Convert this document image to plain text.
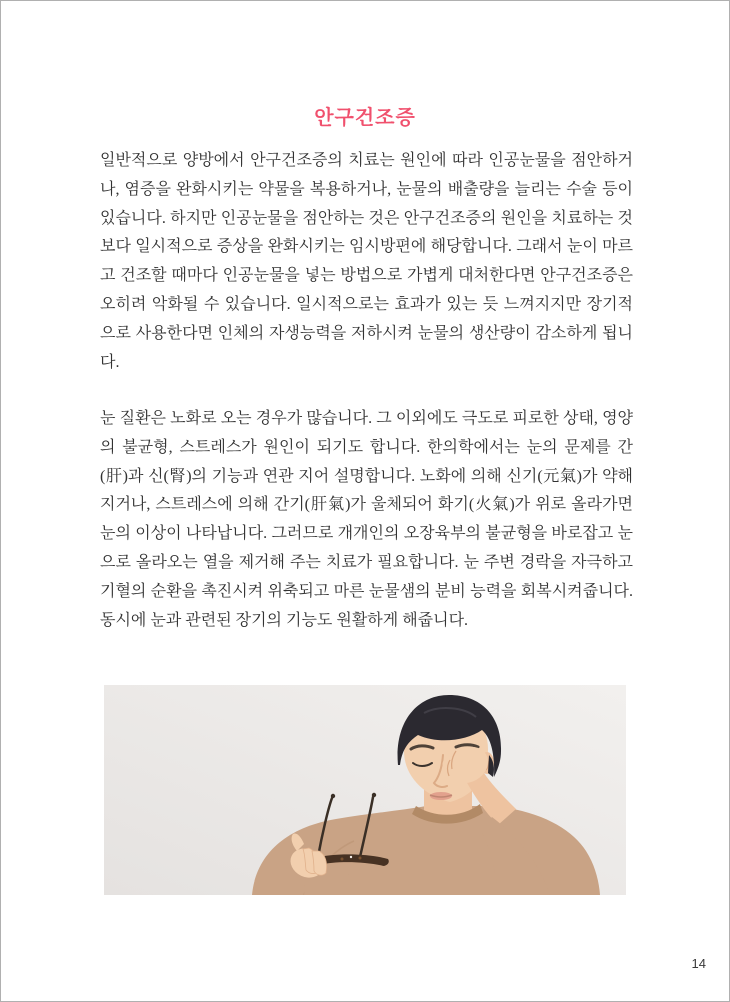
안구건조증

일반적으로 양방에서 안구건조증의 치료는 원인에 따라 인공눈물을 점안하거나, 염증을 완화시키는 약물을 복용하거나, 눈물의 배출량을 늘리는 수술 등이 있습니다. 하지만 인공눈물을 점안하는 것은 안구건조증의 원인을 치료하는 것보다 일시적으로 증상을 완화시키는 임시방편에 해당합니다. 그래서 눈이 마르고 건조할 때마다 인공눈물을 넣는 방법으로 가볍게 대처한다면 안구건조증은 오히려 악화될 수 있습니다. 일시적으로는 효과가 있는 듯 느껴지지만 장기적으로 사용한다면 인체의 자생능력을 저하시켜 눈물의 생산량이 감소하게 됩니다.

눈 질환은 노화로 오는 경우가 많습니다. 그 이외에도 극도로 피로한 상태, 영양의 불균형, 스트레스가 원인이 되기도 합니다. 한의학에서는 눈의 문제를 간(肝)과 신(腎)의 기능과 연관 지어 설명합니다. 노화에 의해 신기(元氣)가 약해지거나, 스트레스에 의해 간기(肝氣)가 울체되어 화기(火氣)가 위로 올라가면 눈의 이상이 나타납니다. 그러므로 개개인의 오장육부의 불균형을 바로잡고 눈으로 올라오는 열을 제거해 주는 치료가 필요합니다. 눈 주변 경락을 자극하고 기혈의 순환을 촉진시켜 위축되고 마른 눈물샘의 분비 능력을 회복시켜줍니다. 동시에 눈과 관련된 장기의 기능도 원활하게 해줍니다.

14
